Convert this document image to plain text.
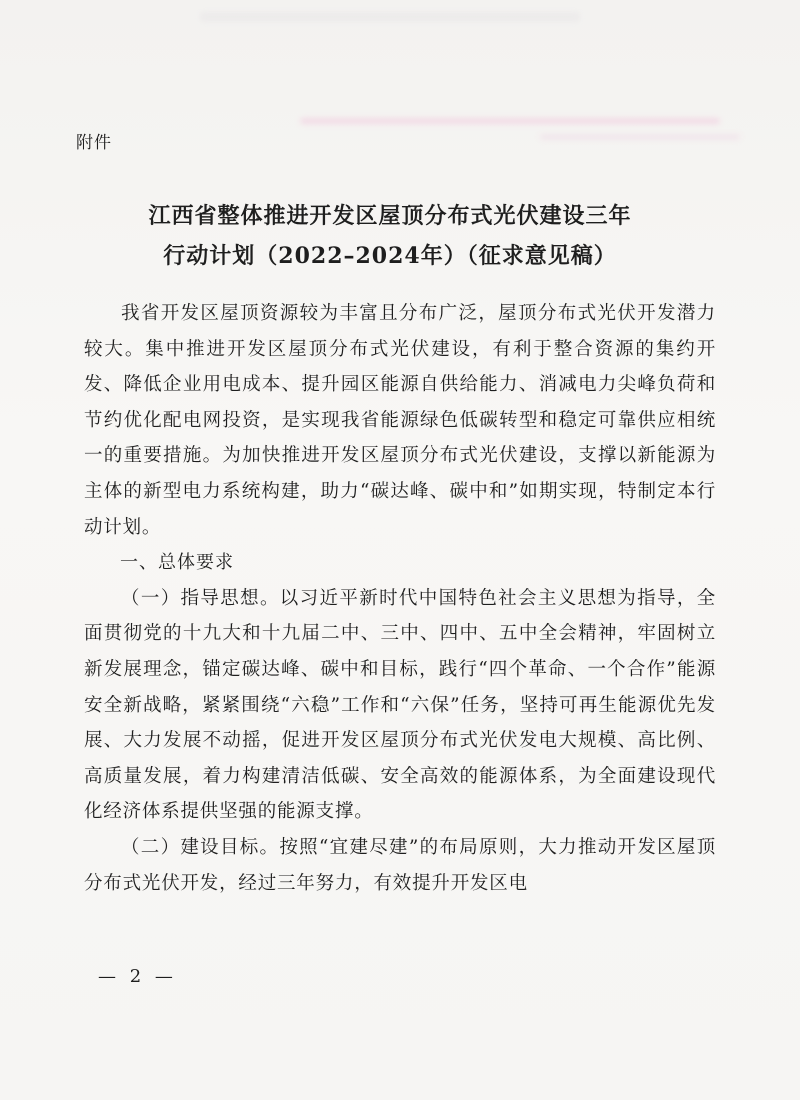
附件
江西省整体推进开发区屋顶分布式光伏建设三年
行动计划（2022–2024年）（征求意见稿）

我省开发区屋顶资源较为丰富且分布广泛，屋顶分布式光伏开发潜力较大。集中推进开发区屋顶分布式光伏建设，有利于整合资源的集约开发、降低企业用电成本、提升园区能源自供给能力、消减电力尖峰负荷和节约优化配电网投资，是实现我省能源绿色低碳转型和稳定可靠供应相统一的重要措施。为加快推进开发区屋顶分布式光伏建设，支撑以新能源为主体的新型电力系统构建，助力“碳达峰、碳中和”如期实现，特制定本行动计划。

一、总体要求

（一）指导思想。以习近平新时代中国特色社会主义思想为指导，全面贯彻党的十九大和十九届二中、三中、四中、五中全会精神，牢固树立新发展理念，锚定碳达峰、碳中和目标，践行“四个革命、一个合作”能源安全新战略，紧紧围绕“六稳”工作和“六保”任务，坚持可再生能源优先发展、大力发展不动摇，促进开发区屋顶分布式光伏发电大规模、高比例、高质量发展，着力构建清洁低碳、安全高效的能源体系，为全面建设现代化经济体系提供坚强的能源支撑。

（二）建设目标。按照“宜建尽建”的布局原则，大力推动开发区屋顶分布式光伏开发，经过三年努力，有效提升开发区电

— 2 —
